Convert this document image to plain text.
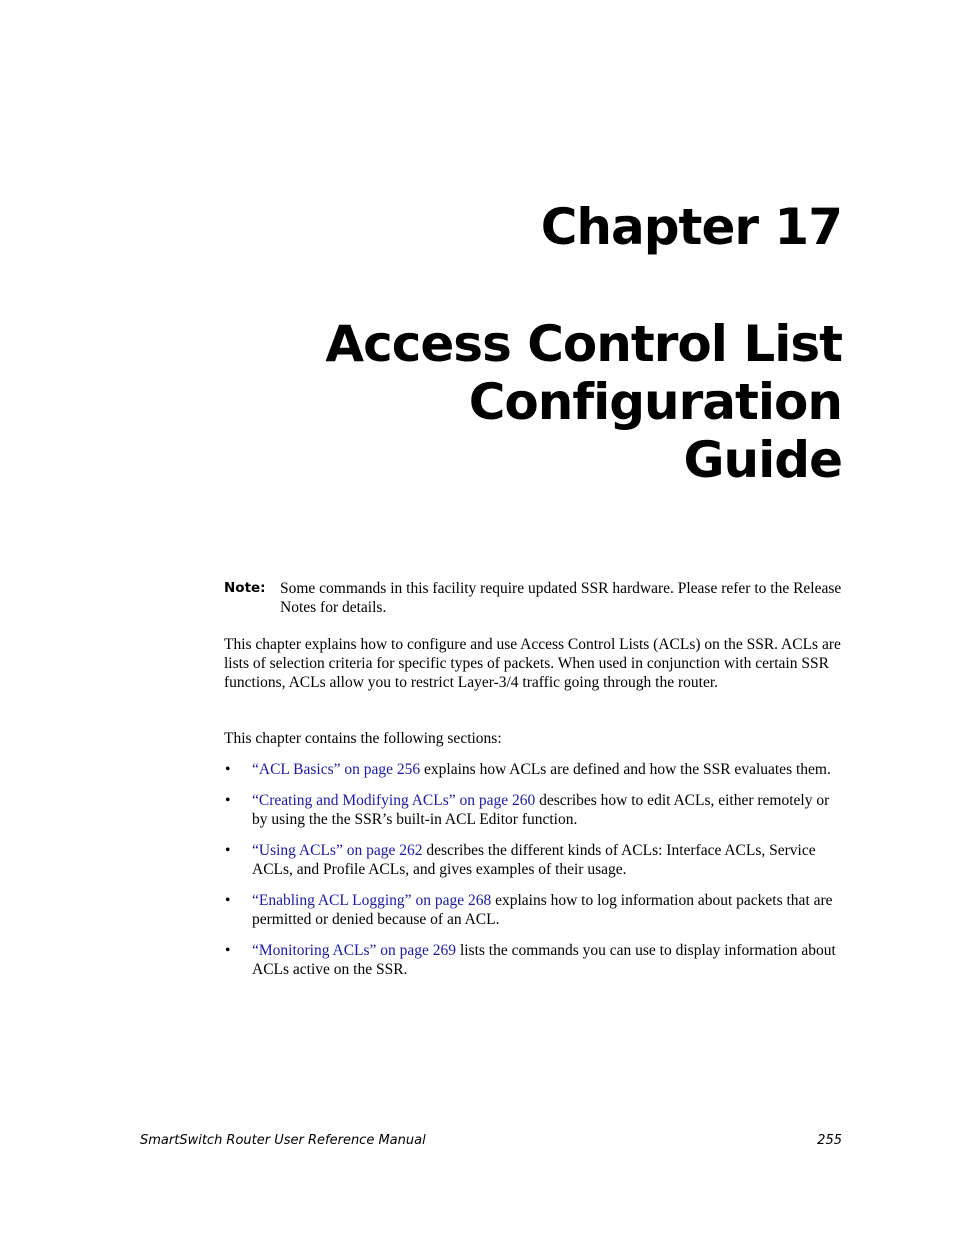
Chapter 17
Access Control List
Configuration
Guide
Note: Some commands in this facility require updated SSR hardware. Please refer to the Release Notes for details.

This chapter explains how to configure and use Access Control Lists (ACLs) on the SSR. ACLs are lists of selection criteria for specific types of packets. When used in conjunction with certain SSR functions, ACLs allow you to restrict Layer-3/4 traffic going through the router.

This chapter contains the following sections:

• “ACL Basics” on page 256 explains how ACLs are defined and how the SSR evaluates them.
• “Creating and Modifying ACLs” on page 260 describes how to edit ACLs, either remotely or by using the the SSR’s built-in ACL Editor function.
• “Using ACLs” on page 262 describes the different kinds of ACLs: Interface ACLs, Service ACLs, and Profile ACLs, and gives examples of their usage.
• “Enabling ACL Logging” on page 268 explains how to log information about packets that are permitted or denied because of an ACL.
• “Monitoring ACLs” on page 269 lists the commands you can use to display information about ACLs active on the SSR.
SmartSwitch Router User Reference Manual	255
